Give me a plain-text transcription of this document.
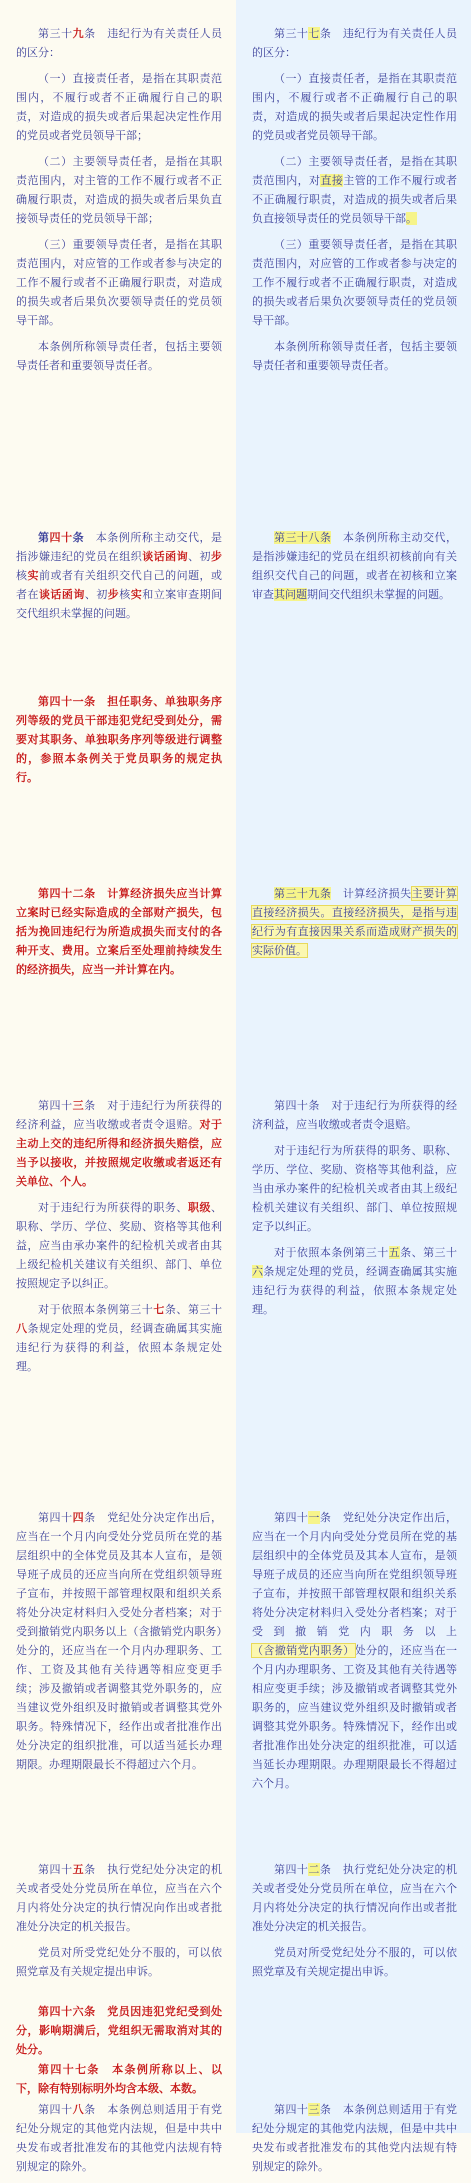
第三十九条　 违纪行为有关责任人员的区分：

（一）直接责任者，是指在其职责范围内，不履行或者不正确履行自己的职责，对造成的损失或者后果起决定性作用的党员或者党员领导干部；

（二）主要领导责任者，是指在其职责范围内，对主管的工作不履行或者不正确履行职责，对造成的损失或者后果负直接领导责任的党员领导干部；

（三）重要领导责任者，是指在其职责范围内，对应管的工作或者参与决定的工作不履行或者不正确履行职责，对造成的损失或者后果负次要领导责任的党员领导干部。

本条例所称领导责任者，包括主要领导责任者和重要领导责任者。

第四十条　 本条例所称主动交代，是指涉嫌违纪的党员在组织谈话函询、初步核实前或者有关组织交代自己的问题，或者在谈话函询、初步核实和立案审查期间交代组织未掌握的问题。

第四十一条　担任职务、单独职务序列等级的党员干部违犯党纪受到处分，需要对其职务、单独职务序列等级进行调整的，参照本条例关于党员职务的规定执行。

第四十二条　计算经济损失应当计算立案时已经实际造成的全部财产损失，包括为挽回违纪行为所造成损失而支付的各种开支、费用。立案后至处理前持续发生的经济损失，应当一并计算在内。

第四十三条　 对于违纪行为所获得的经济利益，应当收缴或者责令退赔。对于主动上交的违纪所得和经济损失赔偿，应当予以接收，并按照规定收缴或者返还有关单位、个人。

对于违纪行为所获得的职务、职级、职称、学历、学位、奖励、资格等其他利益，应当由承办案件的纪检机关或者由其上级纪检机关建议有关组织、部门、单位按照规定予以纠正。

对于依照本条例第三十七条、第三十八条规定处理的党员，经调查确属其实施违纪行为获得的利益，依照本条规定处理。

第四十四条　 党纪处分决定作出后，应当在一个月内向受处分党员所在党的基层组织中的全体党员及其本人宣布，是领导班子成员的还应当向所在党组织领导班子宣布，并按照干部管理权限和组织关系将处分决定材料归入受处分者档案；对于受到撤销党内职务以上（含撤销党内职务）处分的，还应当在一个月内办理职务、工作、工资及其他有关待遇等相应变更手续；涉及撤销或者调整其党外职务的，应当建议党外组织及时撤销或者调整其党外职务。特殊情况下，经作出或者批准作出处分决定的组织批准，可以适当延长办理期限。办理期限最长不得超过六个月。

第四十五条　 执行党纪处分决定的机关或者受处分党员所在单位，应当在六个月内将处分决定的执行情况向作出或者批准处分决定的机关报告。

党员对所受党纪处分不服的，可以依照党章及有关规定提出申诉。

第四十六条　党员因违犯党纪受到处分，影响期满后，党组织无需取消对其的处分。

第四十七条　本条例所称以上、以下，除有特别标明外均含本级、本数。

第四十八条　 本条例总则适用于有党纪处分规定的其他党内法规，但是中共中央发布或者批准发布的其他党内法规有特别规定的除外。

第三十七条　 违纪行为有关责任人员的区分：

（一）直接责任者，是指在其职责范围内，不履行或者不正确履行自己的职责，对造成的损失或者后果起决定性作用的党员或者党员领导干部。

（二）主要领导责任者，是指在其职责范围内，对直接主管的工作不履行或者不正确履行职责，对造成的损失或者后果负直接领导责任的党员领导干部。

（三）重要领导责任者，是指在其职责范围内，对应管的工作或者参与决定的工作不履行或者不正确履行职责，对造成的损失或者后果负次要领导责任的党员领导干部。

本条例所称领导责任者，包括主要领导责任者和重要领导责任者。

第三十八条　 本条例所称主动交代，是指涉嫌违纪的党员在组织初核前向有关组织交代自己的问题，或者在初核和立案审查其问题期间交代组织未掌握的问题。

第三十九条　 计算经济损失主要计算直接经济损失。直接经济损失，是指与违纪行为有直接因果关系而造成财产损失的实际价值。

第四十条　 对于违纪行为所获得的经济利益，应当收缴或者责令退赔。

对于违纪行为所获得的职务、职称、学历、学位、奖励、资格等其他利益，应当由承办案件的纪检机关或者由其上级纪检机关建议有关组织、部门、单位按照规定予以纠正。

对于依照本条例第三十五条、第三十六条规定处理的党员，经调查确属其实施违纪行为获得的利益，依照本条规定处理。

第四十一条　 党纪处分决定作出后，应当在一个月内向受处分党员所在党的基层组织中的全体党员及其本人宣布，是领导班子成员的还应当向所在党组织领导班子宣布，并按照干部管理权限和组织关系将处分决定材料归入受处分者档案；对于受到撤销党内职务以上（含撤销党内职务）处分的，还应当在一个月内办理职务、工资及其他有关待遇等相应变更手续；涉及撤销或者调整其党外职务的，应当建议党外组织及时撤销或者调整其党外职务。特殊情况下，经作出或者批准作出处分决定的组织批准，可以适当延长办理期限。办理期限最长不得超过六个月。

第四十二条　 执行党纪处分决定的机关或者受处分党员所在单位，应当在六个月内将处分决定的执行情况向作出或者批准处分决定的机关报告。

党员对所受党纪处分不服的，可以依照党章及有关规定提出申诉。

第四十三条　 本条例总则适用于有党纪处分规定的其他党内法规，但是中共中央发布或者批准发布的其他党内法规有特别规定的除外。
